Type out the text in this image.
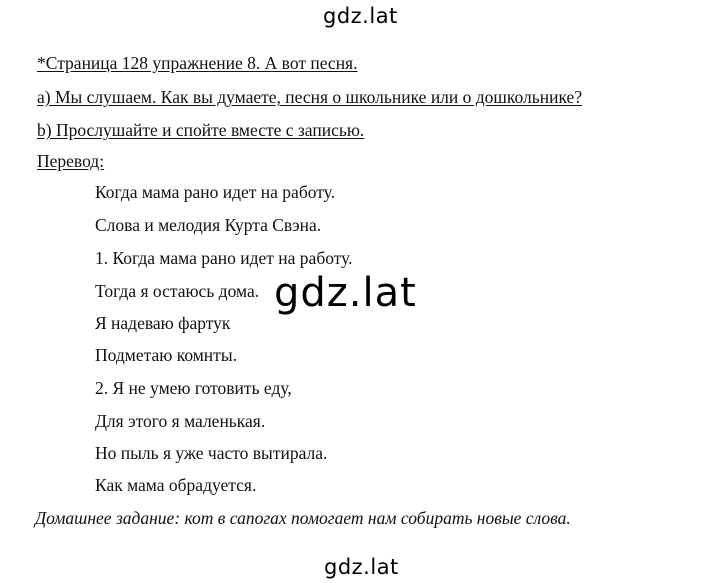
gdz.lat
*Страница 128 упражнение 8. А вот песня.
а) Мы слушаем. Как вы думаете, песня о школьнике или о дошкольнике?
b) Прослушайте и спойте вместе с записью.
Перевод:
Когда мама рано идет на работу.
Слова и мелодия Курта Свэна.
1. Когда мама рано идет на работу.
Тогда я остаюсь дома.
Я надеваю фартук
Подметаю комнты.
2. Я не умею готовить еду,
Для этого я маленькая.
Но пыль я уже часто вытирала.
Как мама обрадуется.
Домашнее задание: кот в сапогах помогает нам собирать новые слова.
gdz.lat
gdz.lat
